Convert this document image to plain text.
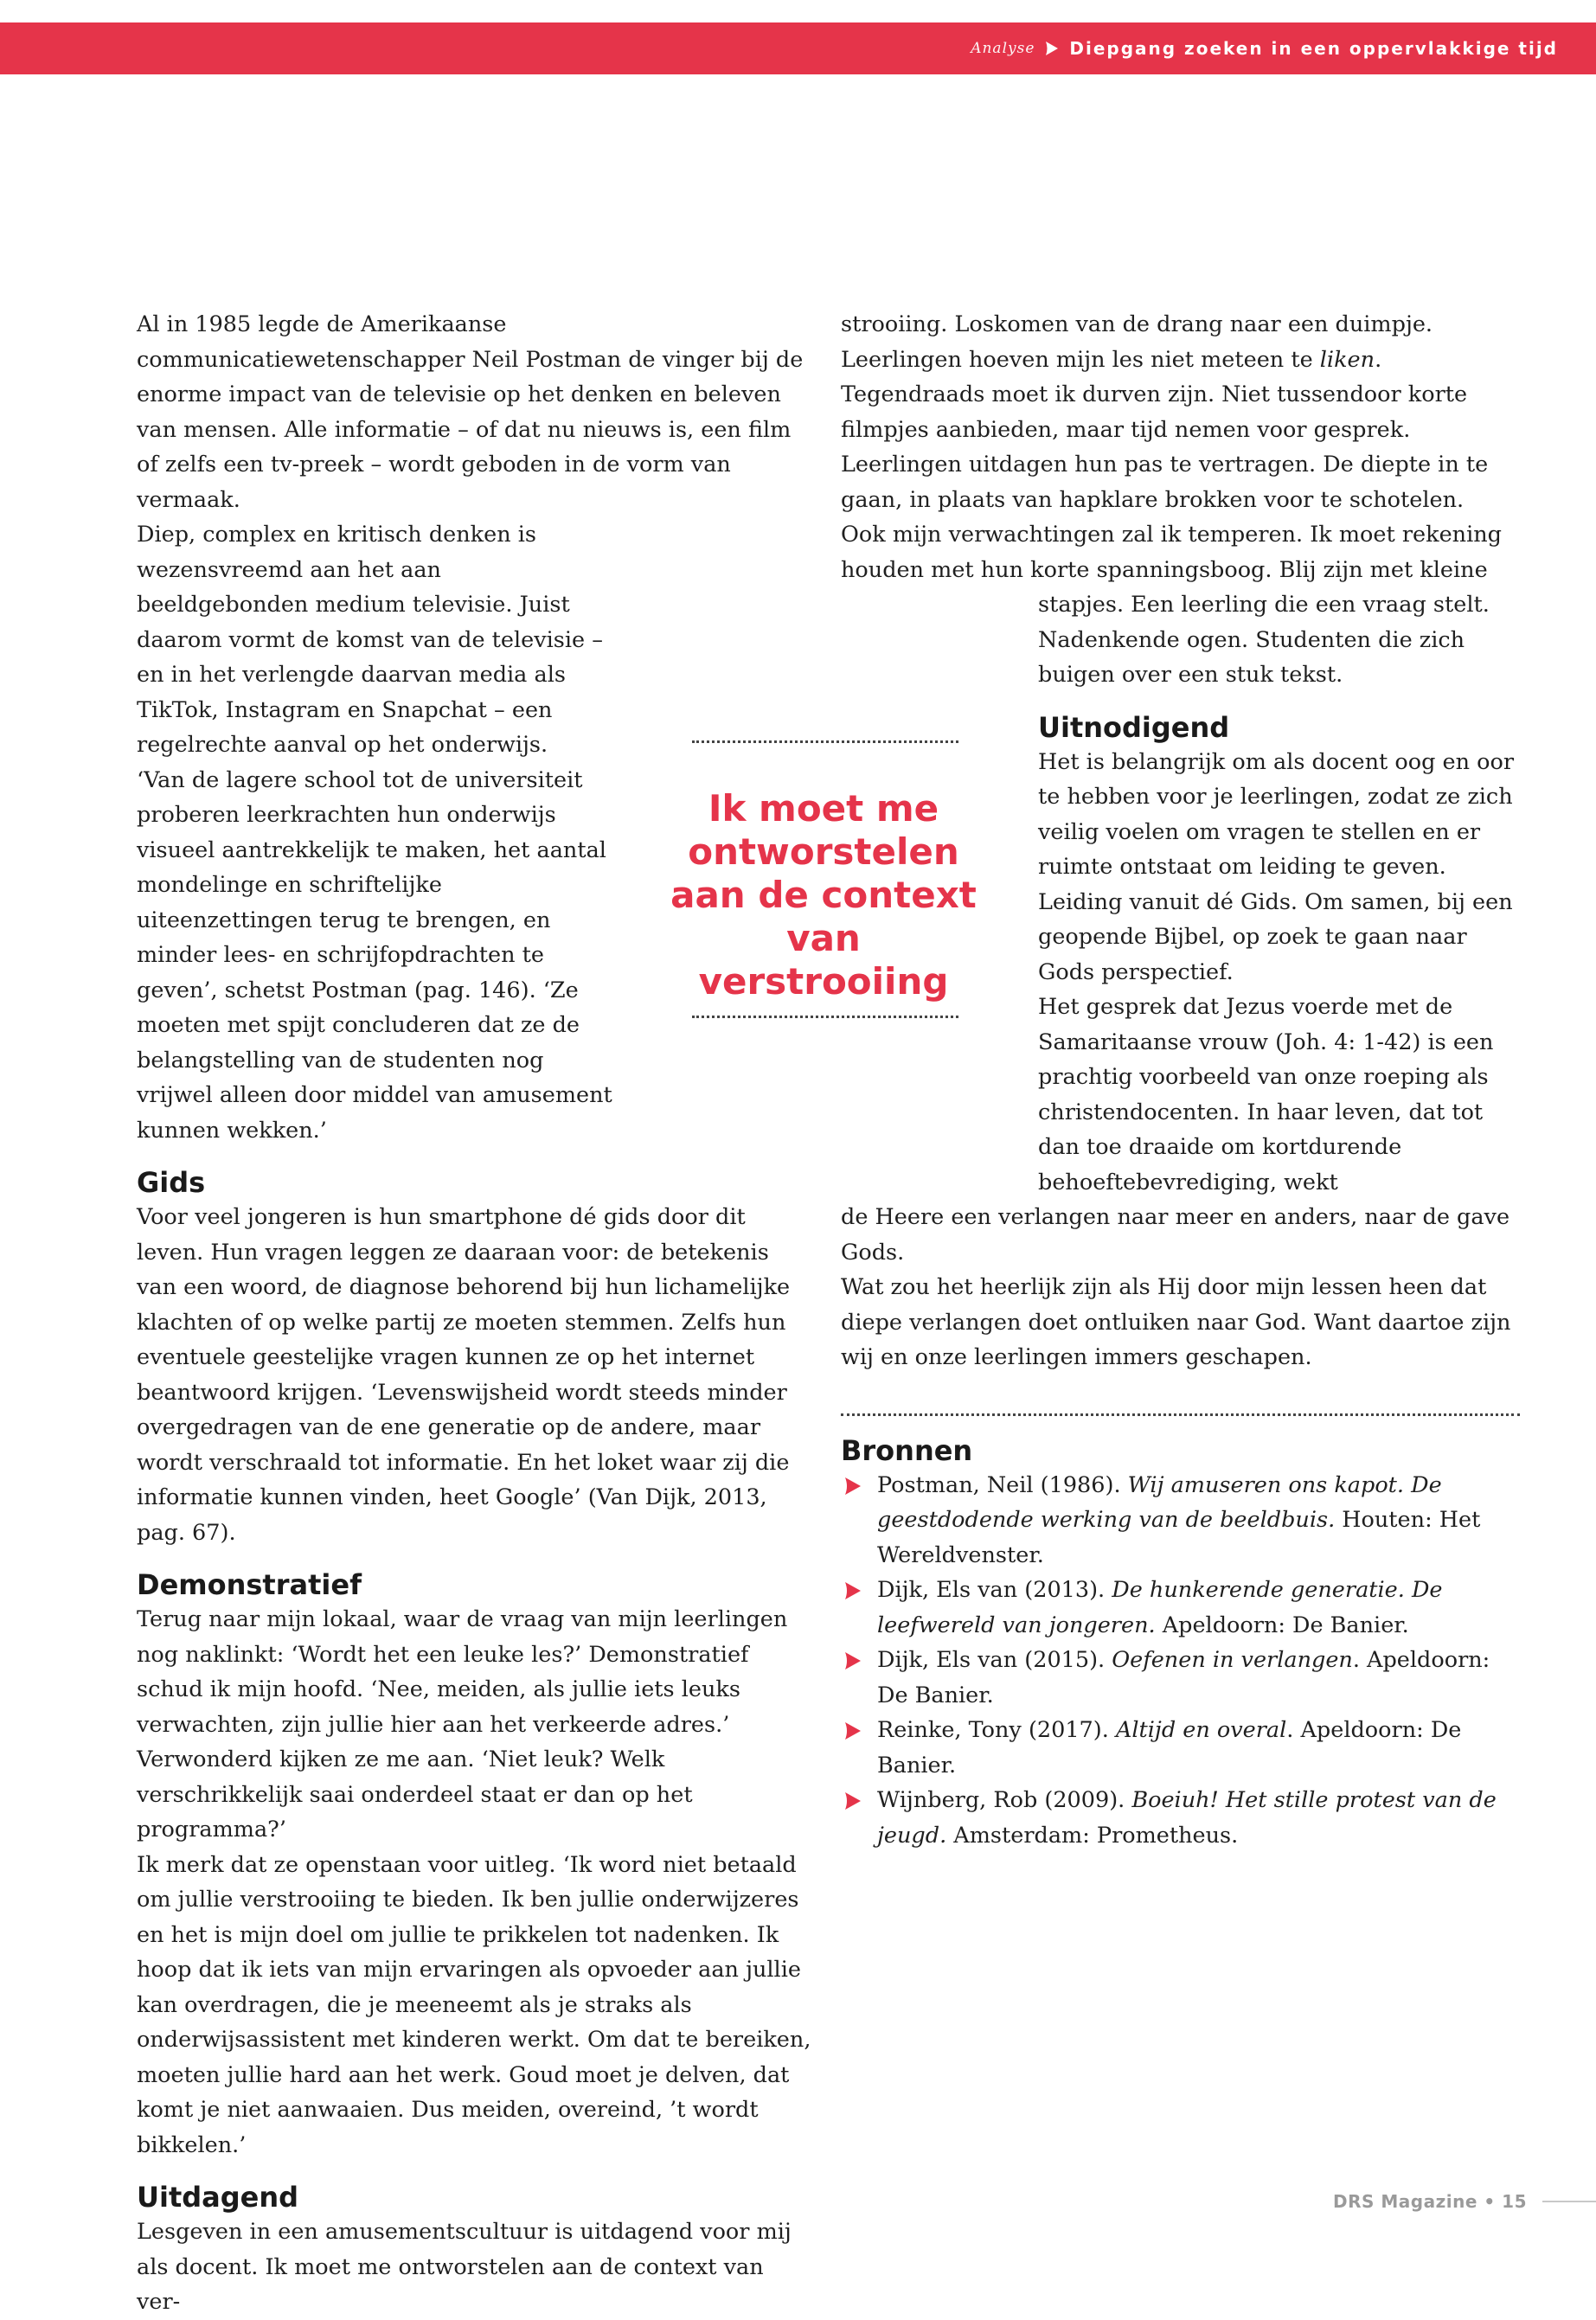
Analyse Diepgang zoeken in een oppervlakkige tijd

Al in 1985 legde de Amerikaanse communicatiewetenschapper Neil Postman de vinger bij de enorme impact van de televisie op het denken en beleven van mensen. Alle informatie – of dat nu nieuws is, een film of zelfs een tv-preek – wordt geboden in de vorm van vermaak.

Diep, complex en kritisch denken is wezensvreemd aan het aan beeldgebonden medium televisie. Juist daarom vormt de komst van de televisie – en in het verlengde daarvan media als TikTok, Instagram en Snapchat – een regelrechte aanval op het onderwijs.

‘Van de lagere school tot de universiteit proberen leerkrachten hun onderwijs visueel aantrekkelijk te maken, het aantal mondelinge en schriftelijke uiteenzettingen terug te brengen, en minder lees- en schrijfopdrachten te geven’, schetst Postman (pag. 146). ‘Ze moeten met spijt concluderen dat ze de belangstelling van de studenten nog vrijwel alleen door middel van amusement kunnen wekken.’

Gids

Voor veel jongeren is hun smartphone dé gids door dit leven. Hun vragen leggen ze daaraan voor: de betekenis van een woord, de diagnose behorend bij hun lichamelijke klachten of op welke partij ze moeten stemmen. Zelfs hun eventuele geestelijke vragen kunnen ze op het internet beantwoord krijgen. ‘Levenswijsheid wordt steeds minder overgedragen van de ene generatie op de andere, maar wordt verschraald tot informatie. En het loket waar zij die informatie kunnen vinden, heet Google’ (Van Dijk, 2013, pag. 67).

Demonstratief

Terug naar mijn lokaal, waar de vraag van mijn leerlingen nog naklinkt: ‘Wordt het een leuke les?’ Demonstratief schud ik mijn hoofd. ‘Nee, meiden, als jullie iets leuks verwachten, zijn jullie hier aan het verkeerde adres.’ Verwonderd kijken ze me aan. ‘Niet leuk? Welk verschrikkelijk saai onderdeel staat er dan op het programma?’

Ik merk dat ze openstaan voor uitleg. ‘Ik word niet betaald om jullie verstrooiing te bieden. Ik ben jullie onderwijzeres en het is mijn doel om jullie te prikkelen tot nadenken. Ik hoop dat ik iets van mijn ervaringen als opvoeder aan jullie kan overdragen, die je meeneemt als je straks als onderwijsassistent met kinderen werkt. Om dat te bereiken, moeten jullie hard aan het werk. Goud moet je delven, dat komt je niet aanwaaien. Dus meiden, overeind, ’t wordt bikkelen.’

Uitdagend

Lesgeven in een amusementscultuur is uitdagend voor mij als docent. Ik moet me ontworstelen aan de context van ver-

Ik moet me ontworstelen aan de context van verstrooiing

strooiing. Loskomen van de drang naar een duimpje. Leerlingen hoeven mijn les niet meteen te liken.

Tegendraads moet ik durven zijn. Niet tussendoor korte filmpjes aanbieden, maar tijd nemen voor gesprek. Leerlingen uitdagen hun pas te vertragen. De diepte in te gaan, in plaats van hapklare brokken voor te schotelen.

Ook mijn verwachtingen zal ik temperen. Ik moet rekening houden met hun korte spanningsboog. Blij zijn met kleine

stapjes. Een leerling die een vraag stelt. Nadenkende ogen. Studenten die zich buigen over een stuk tekst.

Uitnodigend

Het is belangrijk om als docent oog en oor te hebben voor je leerlingen, zodat ze zich veilig voelen om vragen te stellen en er ruimte ontstaat om leiding te geven. Leiding vanuit dé Gids. Om samen, bij een geopende Bijbel, op zoek te gaan naar Gods perspectief.

Het gesprek dat Jezus voerde met de Samaritaanse vrouw (Joh. 4: 1-42) is een prachtig voorbeeld van onze roeping als christendocenten. In haar leven, dat tot dan toe draaide om kortdurende behoeftebevrediging, wekt

de Heere een verlangen naar meer en anders, naar de gave Gods.

Wat zou het heerlijk zijn als Hij door mijn lessen heen dat diepe verlangen doet ontluiken naar God. Want daartoe zijn wij en onze leerlingen immers geschapen.

Bronnen
Postman, Neil (1986). Wij amuseren ons kapot. De geestdodende werking van de beeldbuis. Houten: Het Wereldvenster.
Dijk, Els van (2013). De hunkerende generatie. De leefwereld van jongeren. Apeldoorn: De Banier.
Dijk, Els van (2015). Oefenen in verlangen. Apeldoorn: De Banier.
Reinke, Tony (2017). Altijd en overal. Apeldoorn: De Banier.
Wijnberg, Rob (2009). Boeiuh! Het stille protest van de jeugd. Amsterdam: Prometheus.
DRS Magazine • 15
